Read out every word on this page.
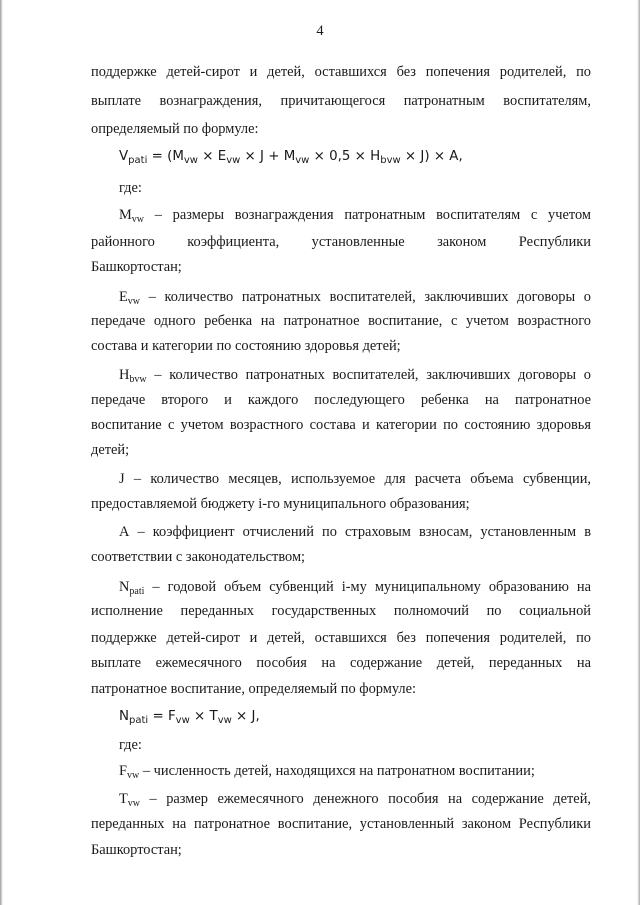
4
поддержке детей-сирот и детей, оставшихся без попечения родителей, по
выплате вознаграждения, причитающегося патронатным воспитателям,
определяемый по формуле:
$V_{pati} = (M_{vw} \times E_{vw} \times J + M_{vw} \times 0,5 \times H_{bvw} \times J) \times A$,
где:
$M_{vw}$ – размеры вознаграждения патронатным воспитателям с учетом
районного коэффициента, установленные законом Республики
Башкортостан;
$E_{vw}$ – количество патронатных воспитателей, заключивших договоры о
передаче одного ребенка на патронатное воспитание, с учетом возрастного
состава и категории по состоянию здоровья детей;
$H_{bvw}$ – количество патронатных воспитателей, заключивших договоры о
передаче второго и каждого последующего ребенка на патронатное
воспитание с учетом возрастного состава и категории по состоянию здоровья
детей;
J – количество месяцев, используемое для расчета объема субвенции,
предоставляемой бюджету i-го муниципального образования;
А – коэффициент отчислений по страховым взносам, установленным в
соответствии с законодательством;
$N_{pati}$ – годовой объем субвенций i-му муниципальному образованию на
исполнение переданных государственных полномочий по социальной
поддержке детей-сирот и детей, оставшихся без попечения родителей, по
выплате ежемесячного пособия на содержание детей, переданных на
патронатное воспитание, определяемый по формуле:
$N_{pati} = F_{vw} \times T_{vw} \times J$,
где:
$F_{vw}$ – численность детей, находящихся на патронатном воспитании;
$T_{vw}$ – размер ежемесячного денежного пособия на содержание детей,
переданных на патронатное воспитание, установленный законом Республики
Башкортостан;
